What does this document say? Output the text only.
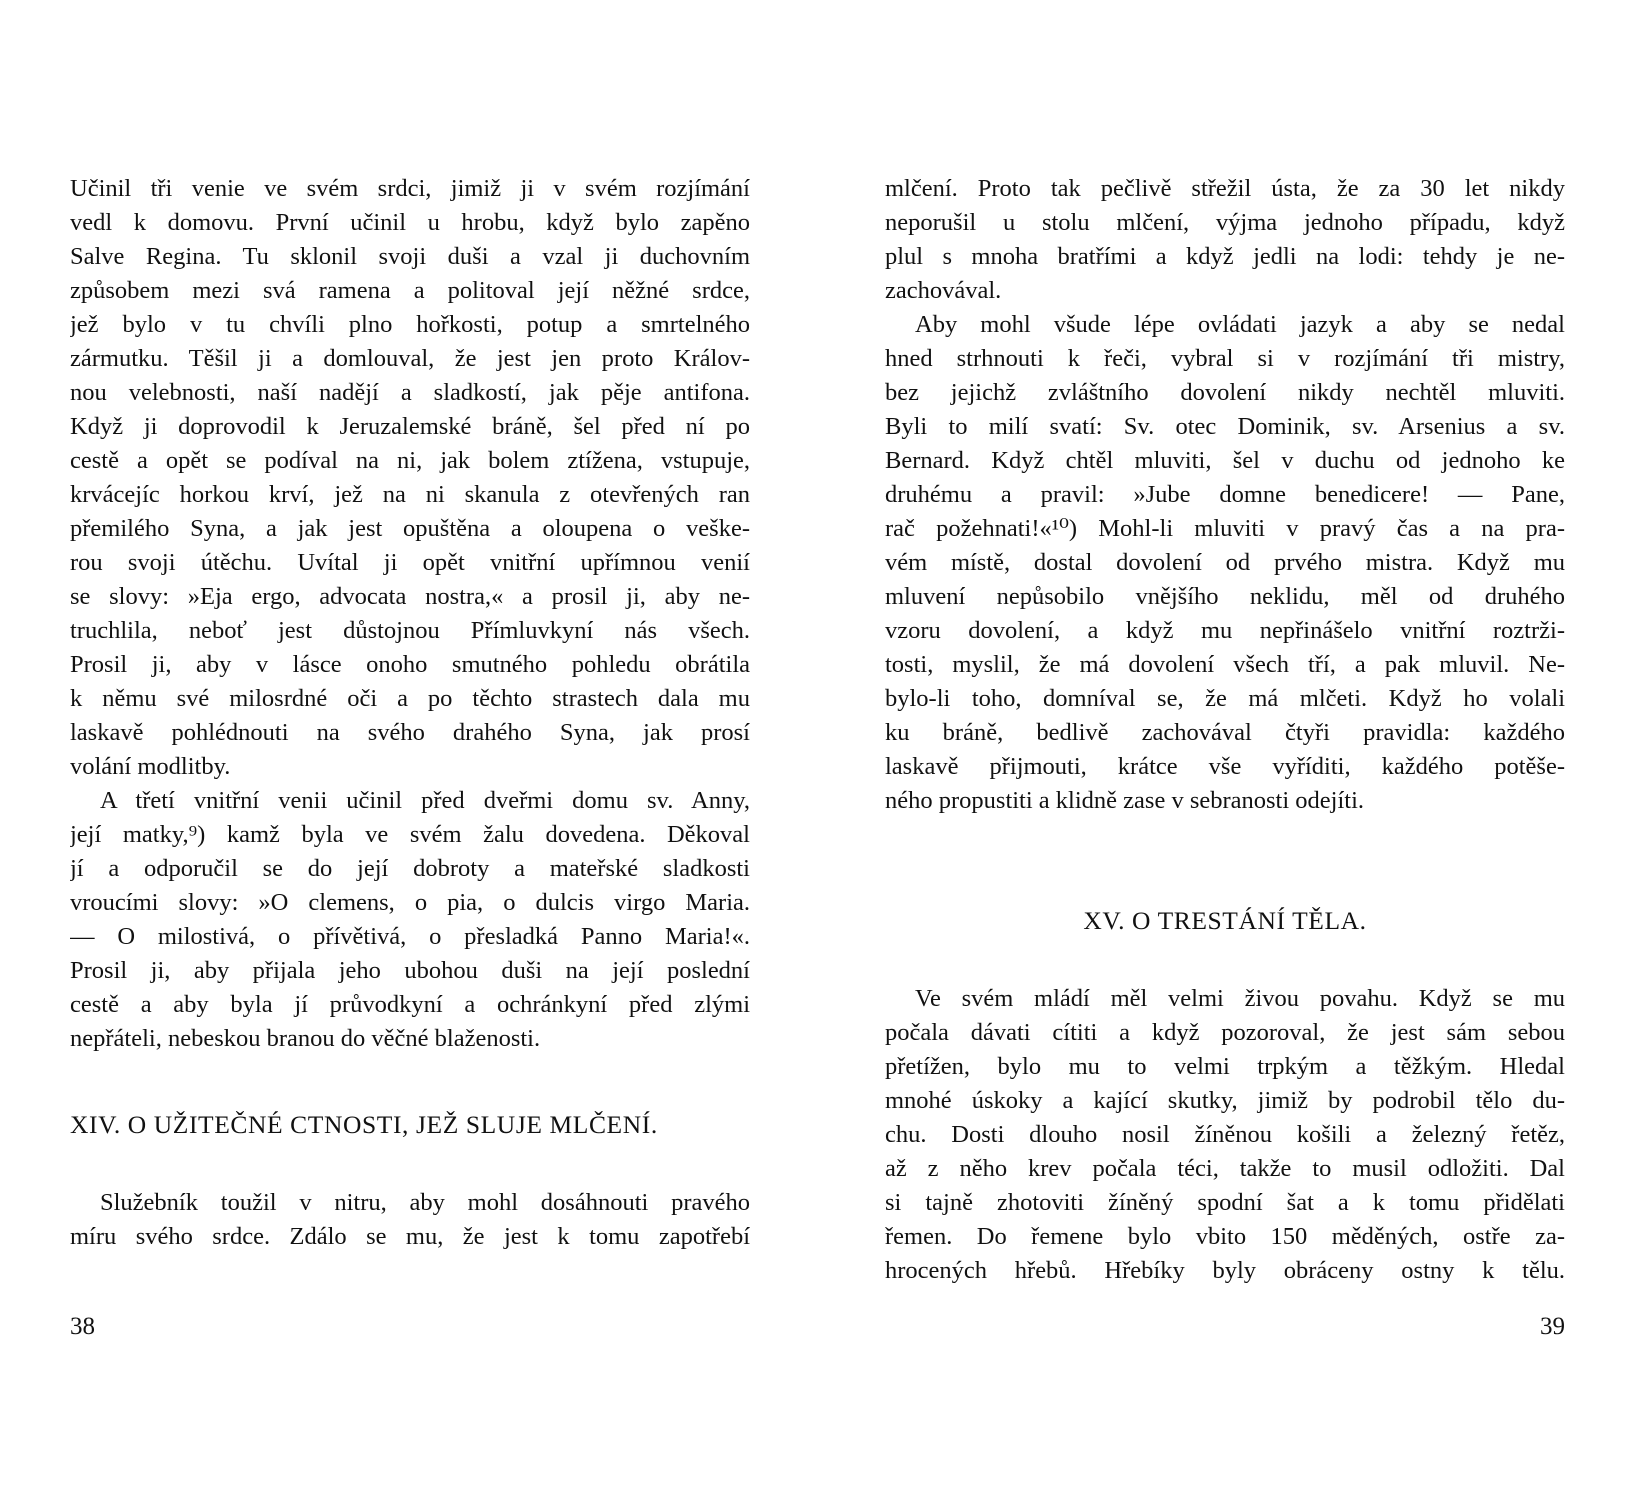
Učinil tři venie ve svém srdci, jimiž ji v svém rozjímání
vedl k domovu. První učinil u hrobu, když bylo zapěno
Salve Regina. Tu sklonil svoji duši a vzal ji duchovním
způsobem mezi svá ramena a politoval její něžné srdce,
jež bylo v tu chvíli plno hořkosti, potup a smrtelného
zármutku. Těšil ji a domlouval, že jest jen proto Králov-
nou velebnosti, naší nadějí a sladkostí, jak pěje antifona.
Když ji doprovodil k Jeruzalemské bráně, šel před ní po
cestě a opět se podíval na ni, jak bolem ztížena, vstupuje,
krvácejíc horkou krví, jež na ni skanula z otevřených ran
přemilého Syna, a jak jest opuštěna a oloupena o veške-
rou svoji útěchu. Uvítal ji opět vnitřní upřímnou venií
se slovy: »Eja ergo, advocata nostra,« a prosil ji, aby ne-
truchlila, neboť jest důstojnou Přímluvkyní nás všech.
Prosil ji, aby v lásce onoho smutného pohledu obrátila
k němu své milosrdné oči a po těchto strastech dala mu
laskavě pohlédnouti na svého drahého Syna, jak prosí
volání modlitby.
A třetí vnitřní venii učinil před dveřmi domu sv. Anny,
její matky,⁹) kamž byla ve svém žalu dovedena. Děkoval
jí a odporučil se do její dobroty a mateřské sladkosti
vroucími slovy: »O clemens, o pia, o dulcis virgo Maria.
— O milostivá, o přívětivá, o přesladká Panno Maria!«.
Prosil ji, aby přijala jeho ubohou duši na její poslední
cestě a aby byla jí průvodkyní a ochránkyní před zlými
nepřáteli, nebeskou branou do věčné blaženosti.
XIV. O UŽITEČNÉ CTNOSTI, JEŽ SLUJE MLČENÍ.
Služebník toužil v nitru, aby mohl dosáhnouti pravého
míru svého srdce. Zdálo se mu, že jest k tomu zapotřebí
38
mlčení. Proto tak pečlivě střežil ústa, že za 30 let nikdy
neporušil u stolu mlčení, výjma jednoho případu, když
plul s mnoha bratřími a když jedli na lodi: tehdy je ne-
zachovával.
Aby mohl všude lépe ovládati jazyk a aby se nedal
hned strhnouti k řeči, vybral si v rozjímání tři mistry,
bez jejichž zvláštního dovolení nikdy nechtěl mluviti.
Byli to milí svatí: Sv. otec Dominik, sv. Arsenius a sv.
Bernard. Když chtěl mluviti, šel v duchu od jednoho ke
druhému a pravil: »Jube domne benedicere! — Pane,
rač požehnati!«¹⁰) Mohl-li mluviti v pravý čas a na pra-
vém místě, dostal dovolení od prvého mistra. Když mu
mluvení nepůsobilo vnějšího neklidu, měl od druhého
vzoru dovolení, a když mu nepřinášelo vnitřní roztrži-
tosti, myslil, že má dovolení všech tří, a pak mluvil. Ne-
bylo-li toho, domníval se, že má mlčeti. Když ho volali
ku bráně, bedlivě zachovával čtyři pravidla: každého
laskavě přijmouti, krátce vše vyříditi, každého potěše-
ného propustiti a klidně zase v sebranosti odejíti.
XV. O TRESTÁNÍ TĚLA.
Ve svém mládí měl velmi živou povahu. Když se mu
počala dávati cítiti a když pozoroval, že jest sám sebou
přetížen, bylo mu to velmi trpkým a těžkým. Hledal
mnohé úskoky a kající skutky, jimiž by podrobil tělo du-
chu. Dosti dlouho nosil žíněnou košili a železný řetěz,
až z něho krev počala téci, takže to musil odložiti. Dal
si tajně zhotoviti žíněný spodní šat a k tomu přidělati
řemen. Do řemene bylo vbito 150 měděných, ostře za-
hrocených hřebů. Hřebíky byly obráceny ostny k tělu.
39
